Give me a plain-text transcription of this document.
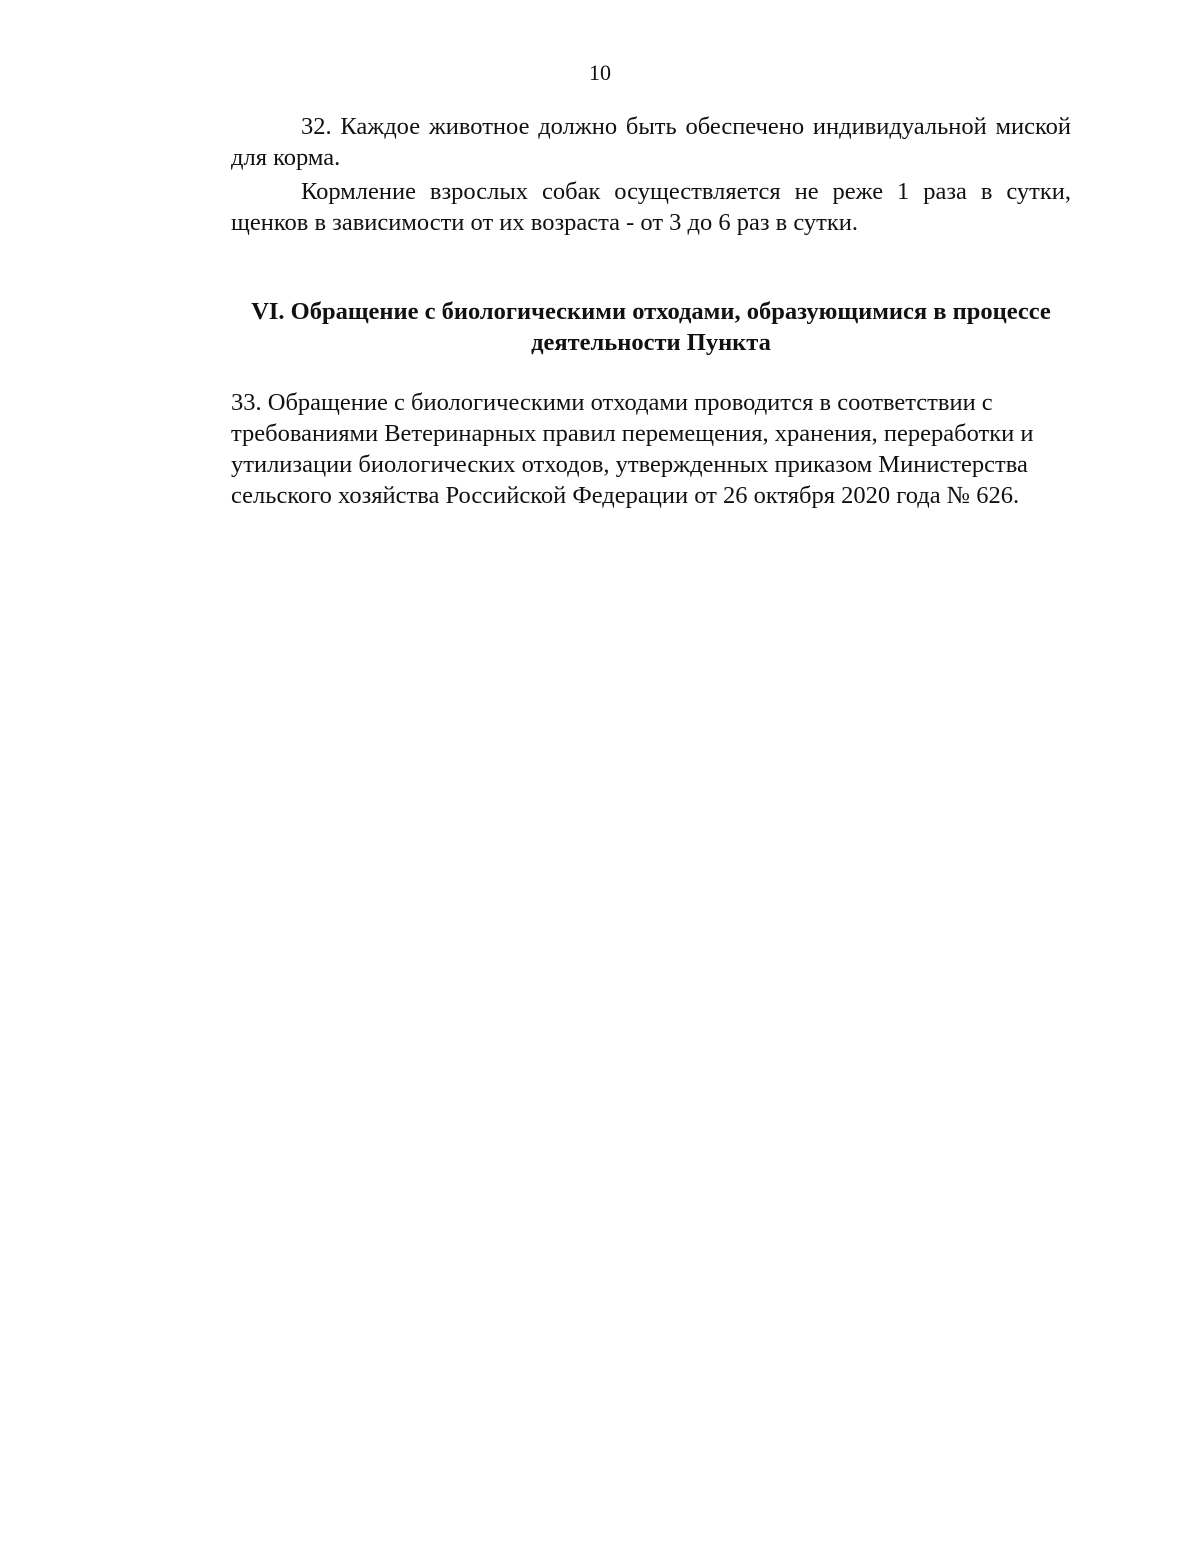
10

32. Каждое животное должно быть обеспечено индивидуальной миской для корма.

Кормление взрослых собак осуществляется не реже 1 раза в сутки, щенков в зависимости от их возраста - от 3 до 6 раз в сутки.

VI. Обращение с биологическими отходами, образующимися в процессе деятельности Пункта

33. Обращение с биологическими отходами проводится в соответствии с требованиями Ветеринарных правил перемещения, хранения, переработки и утилизации биологических отходов, утвержденных приказом Министерства сельского хозяйства Российской Федерации от 26 октября 2020 года № 626.
